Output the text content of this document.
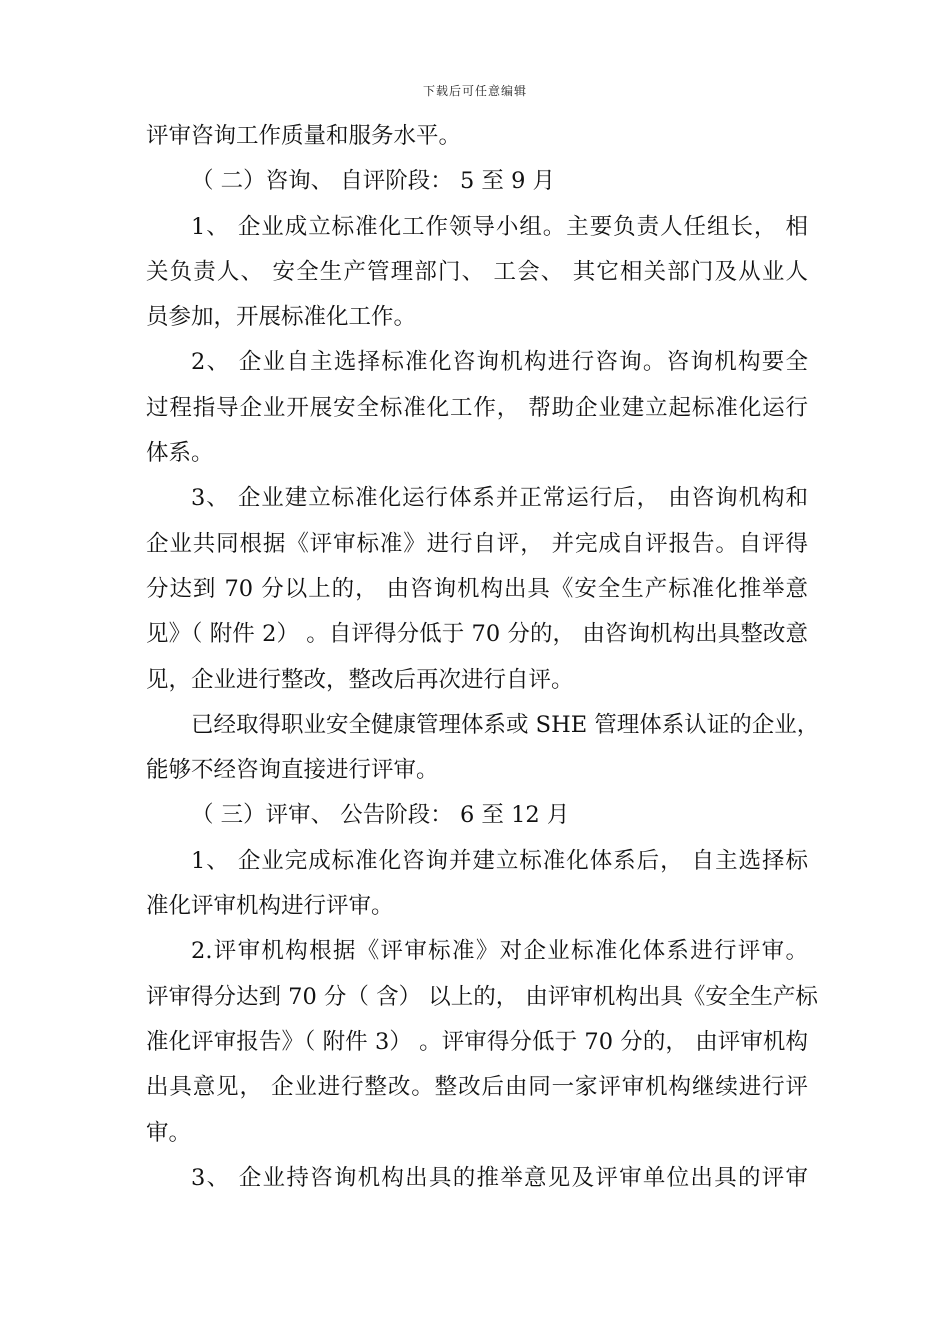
下载后可任意编辑
评审咨询工作质量和服务水平。
（ 二）咨询、 自评阶段： 5 至 9 月
1、 企业成立标准化工作领导小组。主要负责人任组长， 相
关负责人、 安全生产管理部门、 工会、 其它相关部门及从业人
员参加，开展标准化工作。
2、 企业自主选择标准化咨询机构进行咨询。咨询机构要全
过程指导企业开展安全标准化工作， 帮助企业建立起标准化运行
体系。
3、 企业建立标准化运行体系并正常运行后， 由咨询机构和
企业共同根据《评审标准》进行自评， 并完成自评报告。自评得
分达到 70 分以上的， 由咨询机构出具《安全生产标准化推举意
见》（ 附件 2） 。自评得分低于 70 分的， 由咨询机构出具整改意
见，企业进行整改，整改后再次进行自评。
已经取得职业安全健康管理体系或 SHE 管理体系认证的企业，
能够不经咨询直接进行评审。
（ 三）评审、 公告阶段： 6 至 12 月
1、 企业完成标准化咨询并建立标准化体系后， 自主选择标
准化评审机构进行评审。
2.评审机构根据《评审标准》对企业标准化体系进行评审。
评审得分达到 70 分（ 含） 以上的， 由评审机构出具《安全生产标
准化评审报告》（ 附件 3） 。评审得分低于 70 分的， 由评审机构
出具意见， 企业进行整改。整改后由同一家评审机构继续进行评
审。
3、 企业持咨询机构出具的推举意见及评审单位出具的评审
